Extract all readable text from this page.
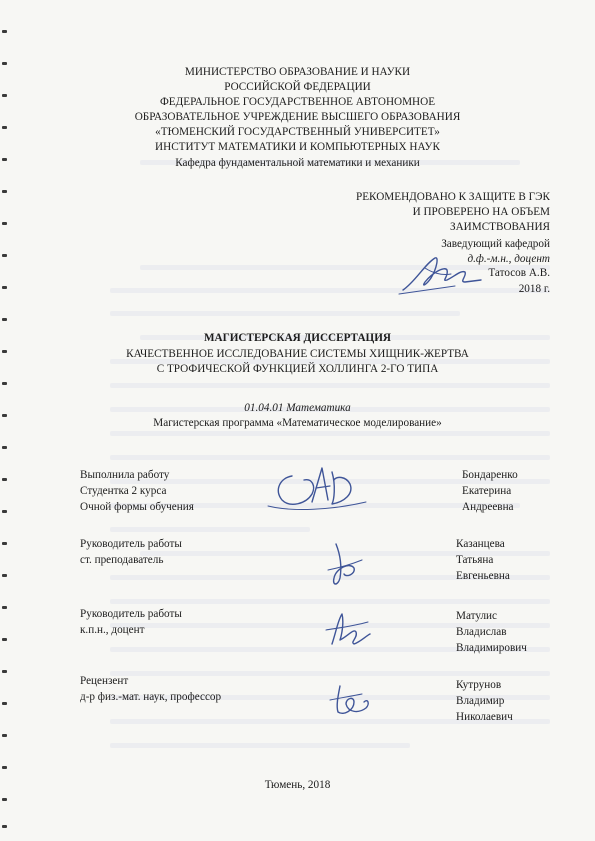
МИНИСТЕРСТВО ОБРАЗОВАНИЕ И НАУКИ
РОССИЙСКОЙ ФЕДЕРАЦИИ
ФЕДЕРАЛЬНОЕ ГОСУДАРСТВЕННОЕ АВТОНОМНОЕ
ОБРАЗОВАТЕЛЬНОЕ УЧРЕЖДЕНИЕ ВЫСШЕГО ОБРАЗОВАНИЯ
«ТЮМЕНСКИЙ ГОСУДАРСТВЕННЫЙ УНИВЕРСИТЕТ»
ИНСТИТУТ МАТЕМАТИКИ И КОМПЬЮТЕРНЫХ НАУК
Кафедра фундаментальной математики и механики
РЕКОМЕНДОВАНО К ЗАЩИТЕ В ГЭК
И ПРОВЕРЕНО НА ОБЪЕМ
ЗАИМСТВОВАНИЯ
Заведующий кафедрой
д.ф.-м.н., доцент
Татосов А.В.
2018 г.
МАГИСТЕРСКАЯ ДИССЕРТАЦИЯ
КАЧЕСТВЕННОЕ ИССЛЕДОВАНИЕ СИСТЕМЫ ХИЩНИК-ЖЕРТВА
С ТРОФИЧЕСКОЙ ФУНКЦИЕЙ ХОЛЛИНГА 2-ГО ТИПА
01.04.01 Математика
Магистерская программа «Математическое моделирование»
Выполнила работу
Студентка 2 курса
Очной формы обучения
Бондаренко
Екатерина
Андреевна
Руководитель работы
ст. преподаватель
Казанцева
Татьяна
Евгеньевна
Руководитель работы
к.п.н., доцент
Матулис
Владислав
Владимирович
Рецензент
д-р физ.-мат. наук, профессор
Кутрунов
Владимир
Николаевич
Тюмень, 2018
